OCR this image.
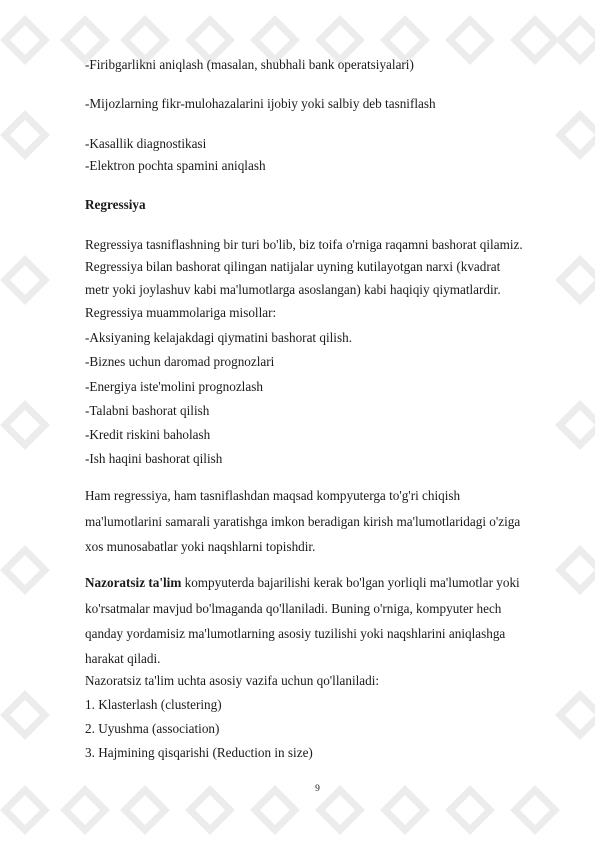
-Firibgarlikni aniqlash (masalan, shubhali bank operatsiyalari)
-Mijozlarning fikr-mulohazalarini ijobiy yoki salbiy deb tasniflash
-Kasallik diagnostikasi
-Elektron pochta spamini aniqlash
Regressiya
Regressiya tasniflashning bir turi bo'lib, biz toifa o'rniga raqamni bashorat qilamiz.
Regressiya bilan bashorat qilingan natijalar uyning kutilayotgan narxi (kvadrat
metr yoki joylashuv kabi ma'lumotlarga asoslangan) kabi haqiqiy qiymatlardir.
Regressiya muammolariga misollar:
-Aksiyaning kelajakdagi qiymatini bashorat qilish.
-Biznes uchun daromad prognozlari
-Energiya iste'molini prognozlash
-Talabni bashorat qilish
-Kredit riskini baholash
-Ish haqini bashorat qilish
Ham regressiya, ham tasniflashdan maqsad kompyuterga to'g'ri chiqish
ma'lumotlarini samarali yaratishga imkon beradigan kirish ma'lumotlaridagi o'ziga
xos munosabatlar yoki naqshlarni topishdir.
Nazoratsiz ta'lim kompyuterda bajarilishi kerak bo'lgan yorliqli ma'lumotlar yoki
ko'rsatmalar mavjud bo'lmaganda qo'llaniladi. Buning o'rniga, kompyuter hech
qanday yordamisiz ma'lumotlarning asosiy tuzilishi yoki naqshlarini aniqlashga
harakat qiladi.
Nazoratsiz ta'lim uchta asosiy vazifa uchun qo'llaniladi:
1. Klasterlash (clustering)
2. Uyushma (association)
3. Hajmining qisqarishi (Reduction in size)
9
